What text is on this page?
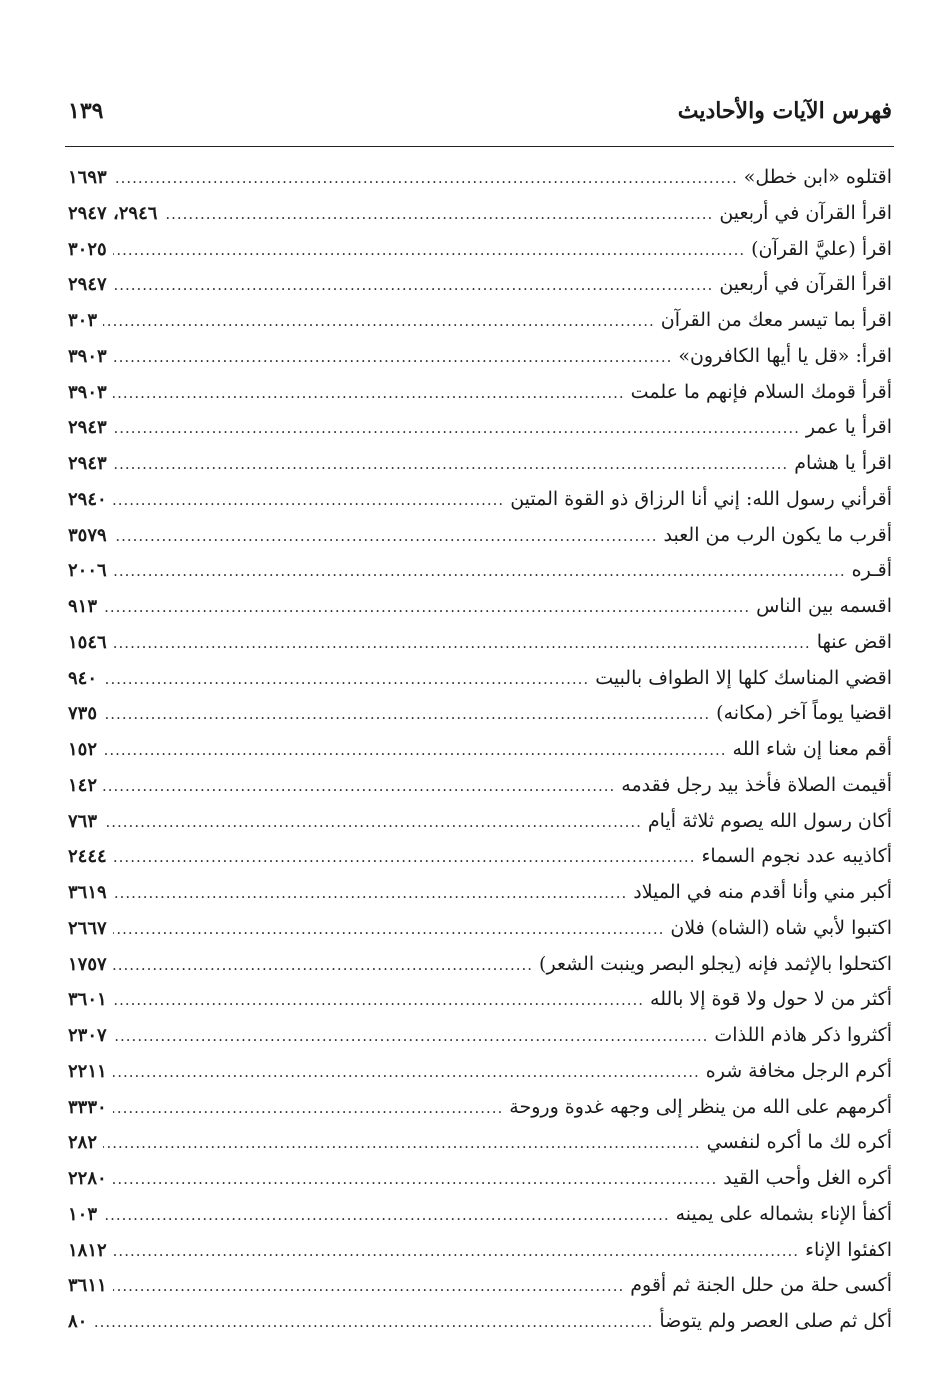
فهرس الآيات والأحاديث
١٣٩
اقتلوه «ابن خطل»
.....
١٦٩٣
اقرأ القرآن في أربعين
.....
٢٩٤٦، ٢٩٤٧
اقرأ (عليَّ القرآن)
.....
٣٠٢٥
اقرأ القرآن في أربعين
.....
٢٩٤٧
اقرأ بما تيسر معك من القرآن
.....
٣٠٣
اقرأ: «قل يا أيها الكافرون»
.....
٣٩٠٣
أقرأ قومك السلام فإنهم ما علمت
.....
٣٩٠٣
اقرأ يا عمر
.....
٢٩٤٣
اقرأ يا هشام
.....
٢٩٤٣
أقرأني رسول الله: إني أنا الرزاق ذو القوة المتين
.....
٢٩٤٠
أقرب ما يكون الرب من العبد
.....
٣٥٧٩
أقـره
.....
٢٠٠٦
اقسمه بين الناس
.....
٩١٣
اقض عنها
.....
١٥٤٦
اقضي المناسك كلها إلا الطواف بالبيت
.....
٩٤٠
اقضيا يوماً آخر (مكانه)
.....
٧٣٥
أقم معنا إن شاء الله
.....
١٥٢
أقيمت الصلاة فأخذ بيد رجل فقدمه
.....
١٤٢
أكان رسول الله يصوم ثلاثة أيام
.....
٧٦٣
أكاذيبه عدد نجوم السماء
.....
٢٤٤٤
أكبر مني وأنا أقدم منه في الميلاد
.....
٣٦١٩
اكتبوا لأبي شاه (الشاه) فلان
.....
٢٦٦٧
اكتحلوا بالإثمد فإنه (يجلو البصر وينبت الشعر)
.....
١٧٥٧
أكثر من لا حول ولا قوة إلا بالله
.....
٣٦٠١
أكثروا ذكر هاذم اللذات
.....
٢٣٠٧
أكرم الرجل مخافة شره
.....
٢٢١١
أكرمهم على الله من ينظر إلى وجهه غدوة وروحة
.....
٣٣٣٠
أكره لك ما أكره لنفسي
.....
٢٨٢
أكره الغل وأحب القيد
.....
٢٢٨٠
أكفأ الإناء بشماله على يمينه
.....
١٠٣
اكفئوا الإناء
.....
١٨١٢
أكسى حلة من حلل الجنة ثم أقوم
.....
٣٦١١
أكل ثم صلى العصر ولم يتوضأ
.....
٨٠
